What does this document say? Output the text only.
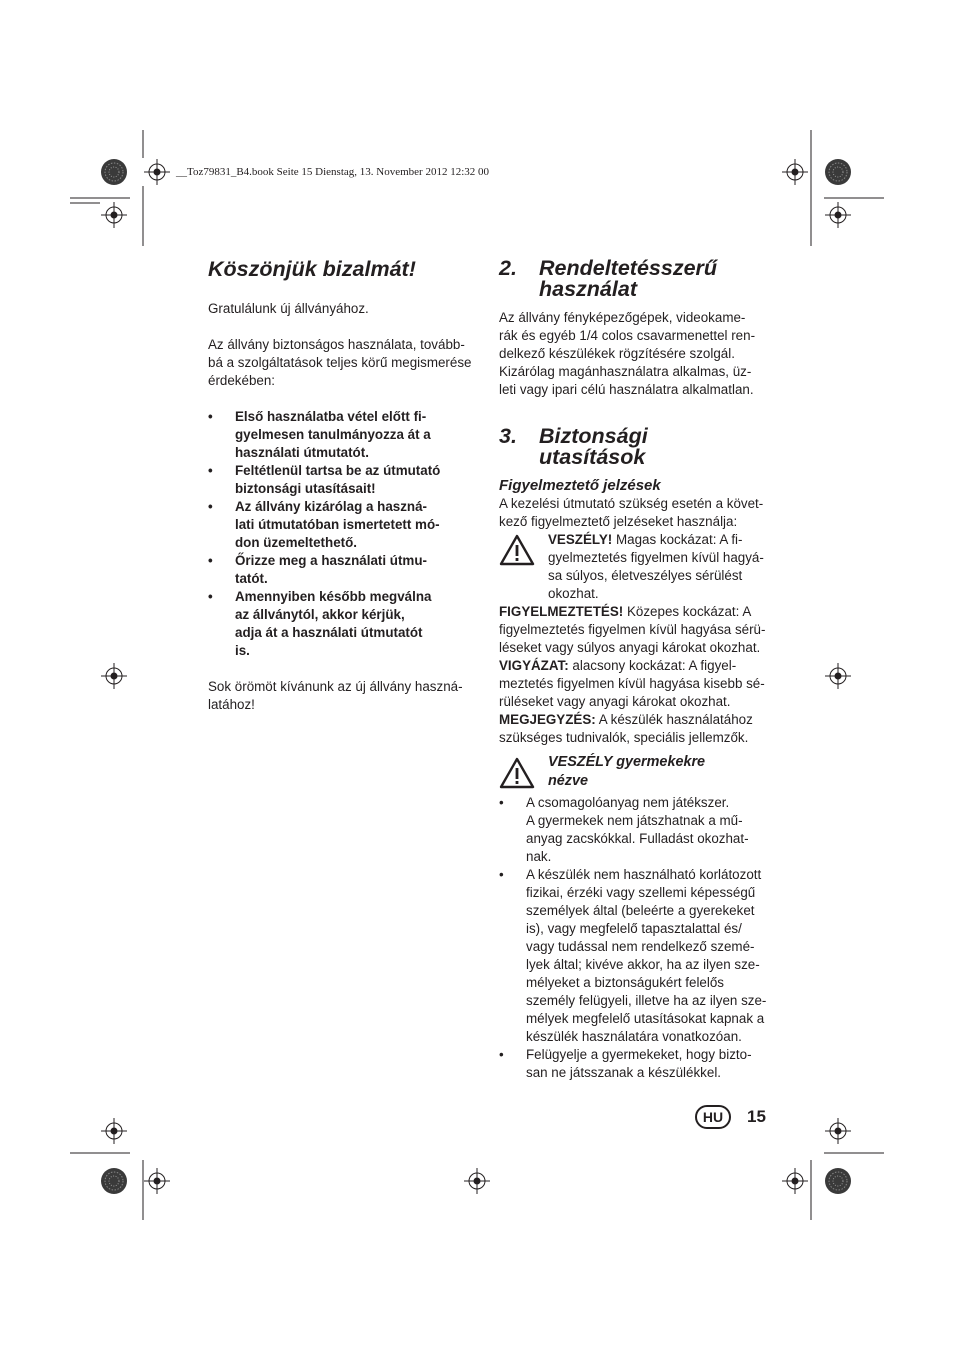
__Toz79831_B4.book Seite 15 Dienstag, 13. November 2012 12:32 00
Köszönjük bizalmát!

Gratulálunk új állványához.

Az állvány biztonságos használata, tovább-
bá a szolgáltatások teljes körű megismerése
érdekében:

• Első használatba vétel előtt fi-
gyelmesen tanulmányozza át a
használati útmutatót.
• Feltétlenül tartsa be az útmutató
biztonsági utasításait!
• Az állvány kizárólag a haszná-
lati útmutatóban ismertetett mó-
don üzemeltethető.
• Őrizze meg a használati útmu-
tatót.
• Amennyiben később megválna
az állványtól, akkor kérjük,
adja át a használati útmutatót
is.

Sok örömöt kívánunk az új állvány haszná-
latához!

2.	Rendeltetésszerű
használat

Az állvány fényképezőgépek, videokame-
rák és egyéb 1/4 colos csavarmenettel ren-
delkező készülékek rögzítésére szolgál.
Kizárólag magánhasználatra alkalmas, üz-
leti vagy ipari célú használatra alkalmatlan.

3.	Biztonsági
utasítások
Figyelmeztető jelzések

A kezelési útmutató szükség esetén a követ-
kező figyelmeztető jelzéseket használja:

VESZÉLY! Magas kockázat: A fi-
gyelmeztetés figyelmen kívül hagyá-
sa súlyos, életveszélyes sérülést
okozhat.

FIGYELMEZTETÉS! Közepes kockázat: A
figyelmeztetés figyelmen kívül hagyása sérü-
léseket vagy súlyos anyagi károkat okozhat.

VIGYÁZAT: alacsony kockázat: A figyel-
meztetés figyelmen kívül hagyása kisebb sé-
rüléseket vagy anyagi károkat okozhat.

MEGJEGYZÉS: A készülék használatához
szükséges tudnivalók, speciális jellemzők.

VESZÉLY gyermekekre
nézve
• A csomagolóanyag nem játékszer.
A gyermekek nem játszhatnak a mű-
anyag zacskókkal. Fulladást okozhat-
nak.
• A készülék nem használható korlátozott
fizikai, érzéki vagy szellemi képességű
személyek által (beleérte a gyerekeket
is), vagy megfelelő tapasztalattal és/
vagy tudással nem rendelkező szemé-
lyek által; kivéve akkor, ha az ilyen sze-
mélyeket a biztonságukért felelős
személy felügyeli, illetve ha az ilyen sze-
mélyek megfelelő utasításokat kapnak a
készülék használatára vonatkozóan.
• Felügyelje a gyermekeket, hogy bizto-
san ne játsszanak a készülékkel.
HU	15
